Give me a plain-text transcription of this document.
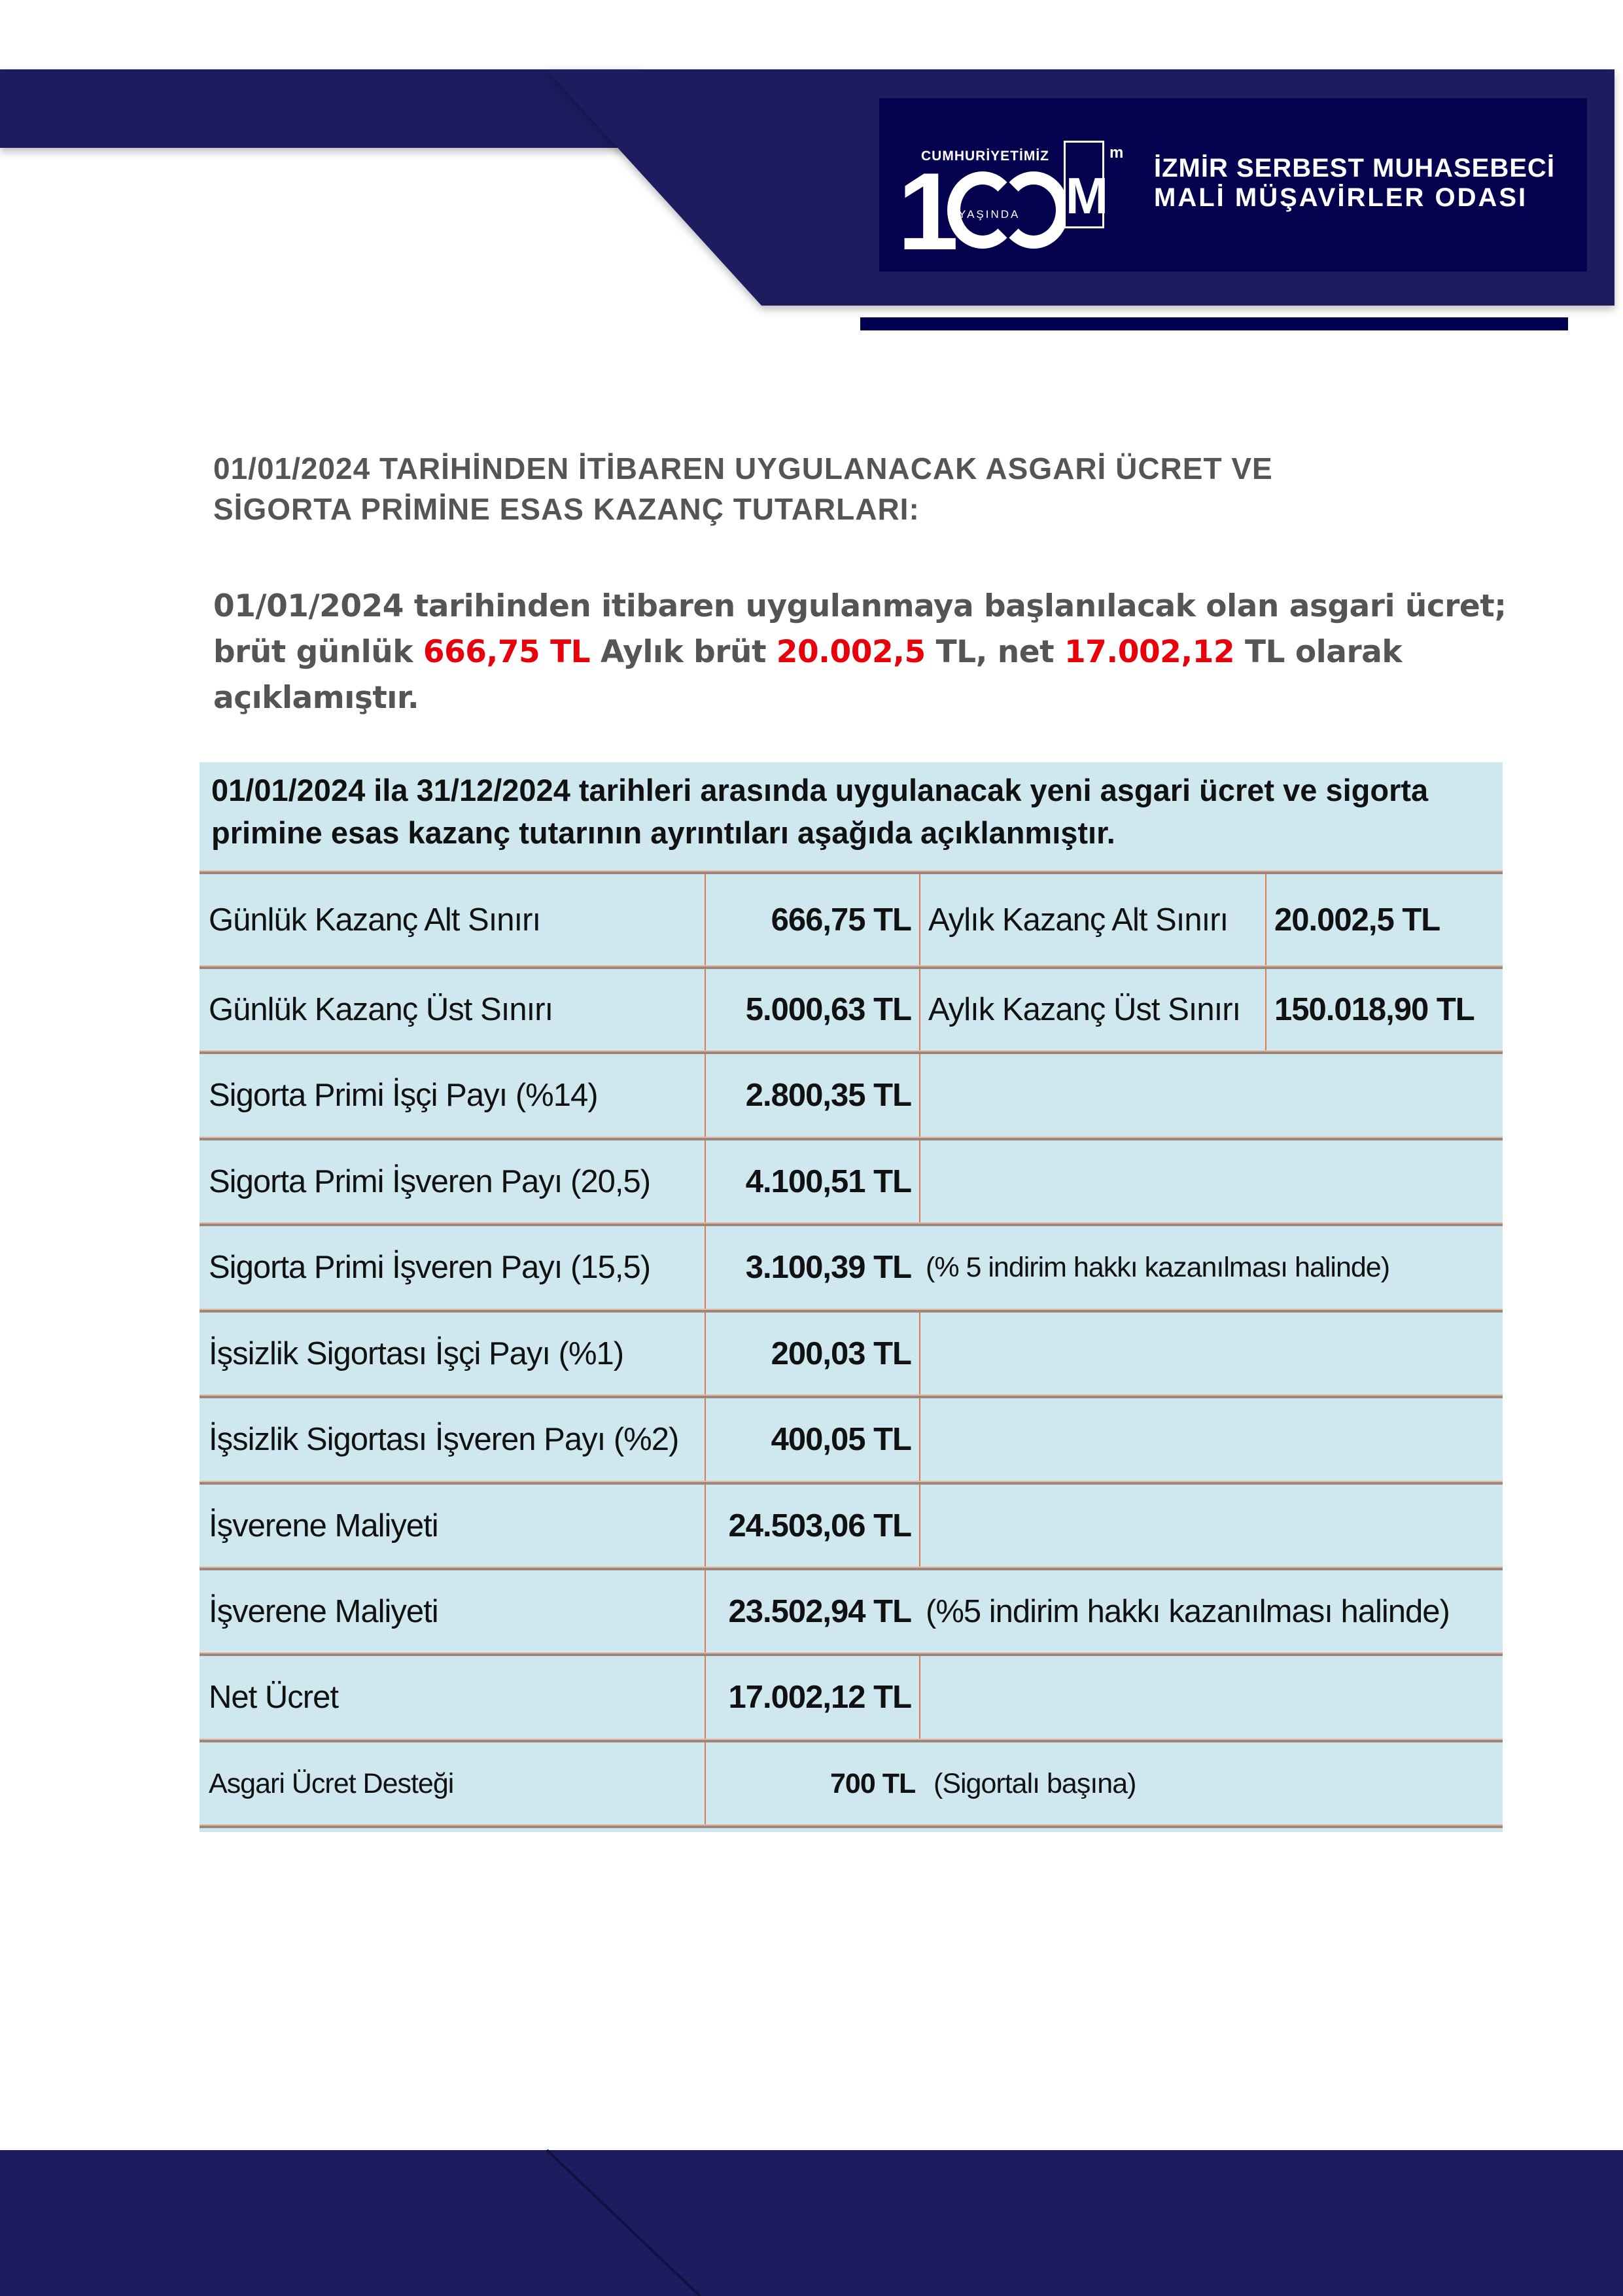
CUMHURİYETİMİZ
1 YAŞINDA M
m
İZMİR SERBEST MUHASEBECİ
MALİ MÜŞAVİRLER ODASI
01/01/2024 TARİHİNDEN İTİBAREN UYGULANACAK ASGARİ ÜCRET VE
SİGORTA PRİMİNE ESAS KAZANÇ TUTARLARI:
01/01/2024 tarihinden itibaren uygulanmaya başlanılacak olan asgari ücret; brüt günlük 666,75 TL Aylık brüt 20.002,5 TL, net 17.002,12 TL olarak açıklamıştır.
01/01/2024 ila 31/12/2024 tarihleri arasında uygulanacak yeni asgari ücret ve sigorta primine esas kazanç tutarının ayrıntıları aşağıda açıklanmıştır.
Günlük Kazanç Alt Sınırı	666,75 TL Aylık Kazanç Alt Sınırı 20.002,5 TL
Günlük Kazanç Üst Sınırı	5.000,63 TL Aylık Kazanç Üst Sınırı 150.018,90 TL
Sigorta Primi İşçi Payı (%14)	2.800,35 TL
Sigorta Primi İşveren Payı (20,5)	4.100,51 TL
Sigorta Primi İşveren Payı (15,5)	3.100,39 TL (% 5 indirim hakkı kazanılması halinde)
İşsizlik Sigortası İşçi Payı (%1)	200,03 TL
İşsizlik Sigortası İşveren Payı (%2)	400,05 TL
İşverene Maliyeti	24.503,06 TL
İşverene Maliyeti	23.502,94 TL (%5 indirim hakkı kazanılması halinde)
Net Ücret	17.002,12 TL
Asgari Ücret Desteği	700 TL (Sigortalı başına)
